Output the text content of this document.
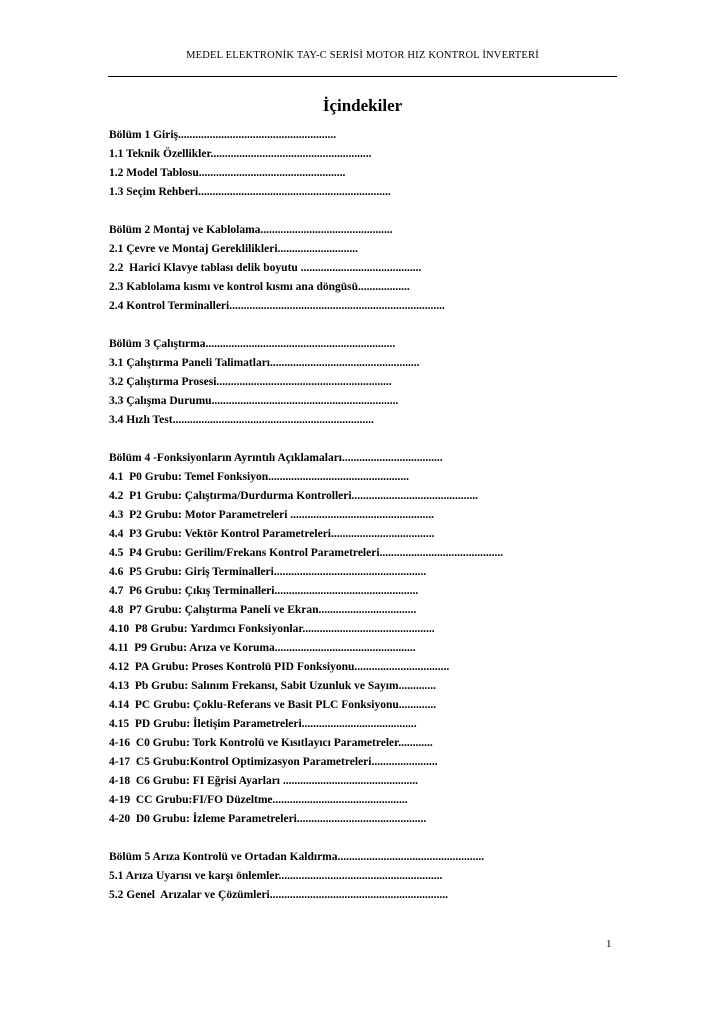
MEDEL ELEKTRONİK TAY-C SERİSİ MOTOR HIZ KONTROL İNVERTERİ
İçindekiler
Bölüm 1 Giriş.......................................................
1.1 Teknik Özellikler........................................................
1.2 Model Tablosu...................................................
1.3 Seçim Rehberi...................................................................
Bölüm 2 Montaj ve Kablolama..............................................
2.1 Çevre ve Montaj Gereklilikleri............................
2.2  Harici Klavye tablası delik boyutu ..........................................
2.3 Kablolama kısmı ve kontrol kısmı ana döngüsü..................
2.4 Kontrol Terminalleri...........................................................................
Bölüm 3 Çalıştırma..................................................................
3.1 Çalıştırma Paneli Talimatları....................................................
3.2 Çalıştırma Prosesi.............................................................
3.3 Çalışma Durumu.................................................................
3.4 Hızlı Test......................................................................
Bölüm 4 -Fonksiyonların Ayrıntılı Açıklamaları...................................
4.1  P0 Grubu: Temel Fonksiyon.................................................
4.2  P1 Grubu: Çalıştırma/Durdurma Kontrolleri............................................
4.3  P2 Grubu: Motor Parametreleri ..................................................
4.4  P3 Grubu: Vektör Kontrol Parametreleri....................................
4.5  P4 Grubu: Gerilim/Frekans Kontrol Parametreleri...........................................
4.6  P5 Grubu: Giriş Terminalleri.....................................................
4.7  P6 Grubu: Çıkış Terminalleri..................................................
4.8  P7 Grubu: Çalıştırma Paneli ve Ekran..................................
4.10  P8 Grubu: Yardımcı Fonksiyonlar..............................................
4.11  P9 Grubu: Arıza ve Koruma.................................................
4.12  PA Grubu: Proses Kontrolü PID Fonksiyonu.................................
4.13  Pb Grubu: Salınım Frekansı, Sabit Uzunluk ve Sayım.............
4.14  PC Grubu: Çoklu-Referans ve Basit PLC Fonksiyonu.............
4.15  PD Grubu: İletişim Parametreleri........................................
4-16  C0 Grubu: Tork Kontrolü ve Kısıtlayıcı Parametreler............
4-17  C5 Grubu:Kontrol Optimizasyon Parametreleri.......................
4-18  C6 Grubu: FI Eğrisi Ayarları ...............................................
4-19  CC Grubu:FI/FO Düzeltme...............................................
4-20  D0 Grubu: İzleme Parametreleri.............................................
Bölüm 5 Arıza Kontrolü ve Ortadan Kaldırma...................................................
5.1 Arıza Uyarısı ve karşı önlemler.........................................................
5.2 Genel  Arızalar ve Çözümleri..............................................................
1
